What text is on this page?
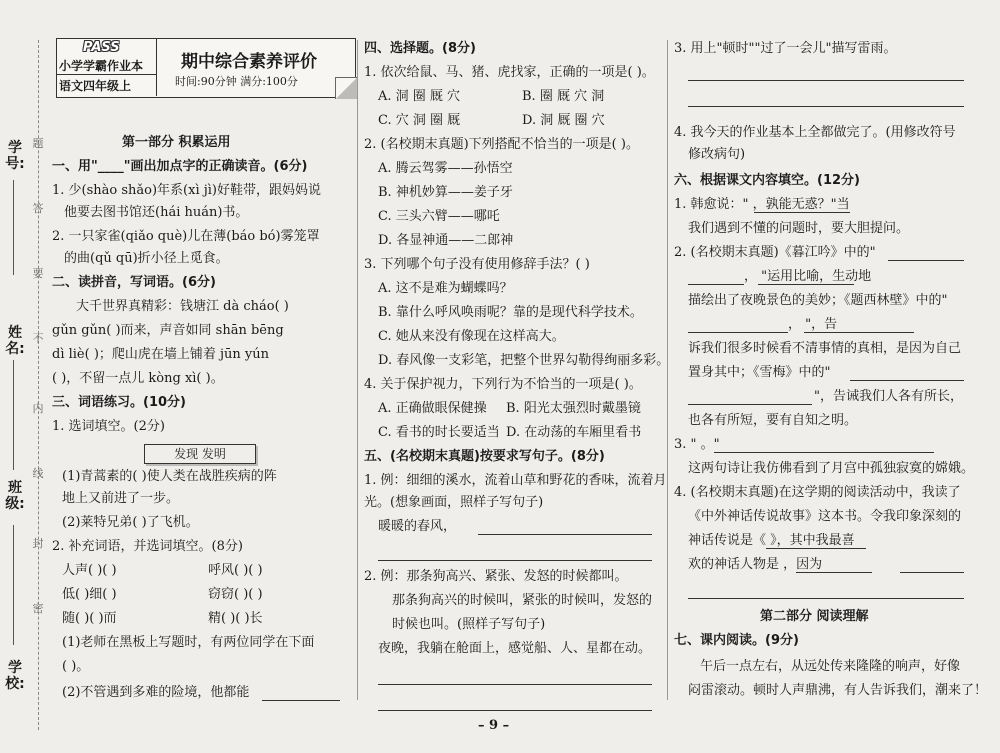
学号:
姓名:
班级:
学校:
题
答
要
不
内
线
封
密
PASS
小学学霸作业本
语文四年级上
期中综合素养评价
时间:90分钟 满分:100分
第一部分 积累运用
一、用"____"画出加点字的正确读音。(6分)
1. 少(shào shǎo)年系(xì jì)好鞋带，跟妈妈说
他要去图书馆还(hái huán)书。
2. 一只家雀(qiǎo què)儿在薄(báo bó)雾笼罩
的曲(qǔ qū)折小径上觅食。
二、读拼音，写词语。(6分)
大千世界真精彩：钱塘江 dà cháo( )
gǔn gǔn( )而来，声音如同 shān bēng
dì liè( )；爬山虎在墙上铺着 jūn yún
( )，不留一点儿 kòng xì( )。
三、词语练习。(10分)
1. 选词填空。(2分)
发现 发明
(1)青蒿素的( )使人类在战胜疾病的阵
地上又前进了一步。
(2)莱特兄弟( )了飞机。
2. 补充词语，并选词填空。(8分)
人声( )( )	呼风( )( )
低( )细( )	窃窃( )( )
随( )( )而	精( )( )长
(1)老师在黑板上写题时，有两位同学在下面
( )。
(2)不管遇到多难的险境，他都能
四、选择题。(8分)
1. 依次给鼠、马、猪、虎找家，正确的一项是( )。
A. 洞 圈 厩 穴	B. 圈 厩 穴 洞
C. 穴 洞 圈 厩	D. 洞 厩 圈 穴
2. (名校期末真题)下列搭配不恰当的一项是( )。
A. 腾云驾雾——孙悟空
B. 神机妙算——姜子牙
C. 三头六臂——哪吒
D. 各显神通——二郎神
3. 下列哪个句子没有使用修辞手法？( )
A. 这不是难为蝴蝶吗？
B. 靠什么呼风唤雨呢？靠的是现代科学技术。
C. 她从来没有像现在这样高大。
D. 春风像一支彩笔，把整个世界勾勒得绚丽多彩。
4. 关于保护视力，下列行为不恰当的一项是( )。
A. 正确做眼保健操 B. 阳光太强烈时戴墨镜
C. 看书的时长要适当 D. 在动荡的车厢里看书
五、(名校期末真题)按要求写句子。(8分)
1. 例：细细的溪水，流着山草和野花的香味，流着月
光。(想象画面，照样子写句子)
暖暖的春风，
2. 例：那条狗高兴、紧张、发怒的时候都叫。
那条狗高兴的时候叫，紧张的时候叫，发怒的
时候也叫。(照样子写句子)
夜晚，我躺在舱面上，感觉船、人、星都在动。
3. 用上"顿时""过了一会儿"描写雷雨。
4. 我今天的作业基本上全都做完了。(用修改符号
修改病句)
六、根据课文内容填空。(12分)
1. 韩愈说：" ，孰能无惑？"当
我们遇到不懂的问题时，要大胆提问。
2. (名校期末真题)《暮江吟》中的"
， "运用比喻，生动地
描绘出了夜晚景色的美妙；《题西林壁》中的"
， "，告
诉我们很多时候看不清事情的真相，是因为自己
置身其中；《雪梅》中的"
"，告诫我们人各有所长，
也各有所短，要有自知之明。
3. " 。"
这两句诗让我仿佛看到了月宫中孤独寂寞的嫦娥。
4. (名校期末真题)在这学期的阅读活动中，我读了
《中外神话传说故事》这本书。令我印象深刻的
神话传说是《 》，其中我最喜
欢的神话人物是 ，因为
第二部分 阅读理解
七、课内阅读。(9分)
午后一点左右，从远处传来隆隆的响声，好像
闷雷滚动。顿时人声鼎沸，有人告诉我们，潮来了！
– 9 –
